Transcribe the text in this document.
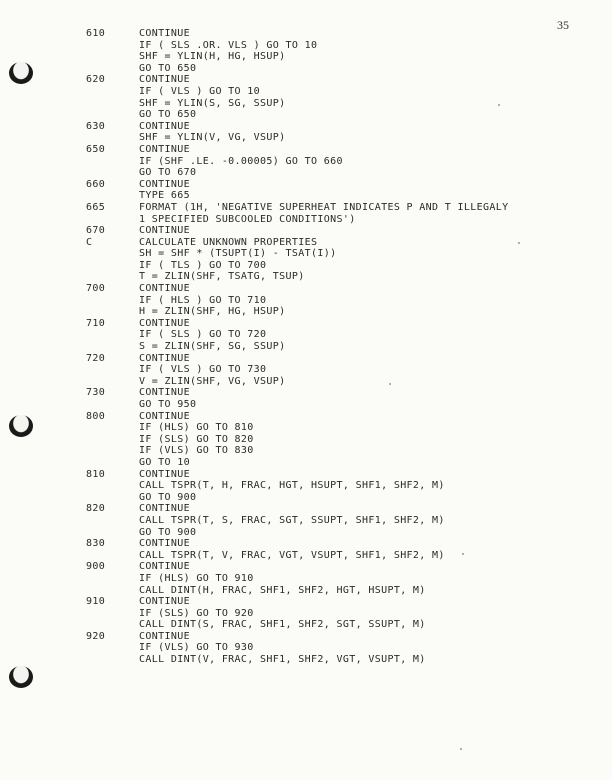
35
610	CONTINUE
IF ( SLS .OR. VLS ) GO TO 10
SHF = YLIN(H, HG, HSUP)
GO TO 650
620	CONTINUE
IF ( VLS ) GO TO 10
SHF = YLIN(S, SG, SSUP)
GO TO 650
630	CONTINUE
SHF = YLIN(V, VG, VSUP)
650	CONTINUE
IF (SHF .LE. -0.00005) GO TO 660
GO TO 670
660	CONTINUE
TYPE 665
665	FORMAT (1H, 'NEGATIVE SUPERHEAT INDICATES P AND T ILLEGALY
1 SPECIFIED SUBCOOLED CONDITIONS')
670	CONTINUE
C	CALCULATE UNKNOWN PROPERTIES
SH = SHF * (TSUPT(I) - TSAT(I))
IF ( TLS ) GO TO 700
T = ZLIN(SHF, TSATG, TSUP)
700	CONTINUE
IF ( HLS ) GO TO 710
H = ZLIN(SHF, HG, HSUP)
710	CONTINUE
IF ( SLS ) GO TO 720
S = ZLIN(SHF, SG, SSUP)
720	CONTINUE
IF ( VLS ) GO TO 730
V = ZLIN(SHF, VG, VSUP)
730	CONTINUE
GO TO 950
800	CONTINUE
IF (HLS) GO TO 810
IF (SLS) GO TO 820
IF (VLS) GO TO 830
GO TO 10
810	CONTINUE
CALL TSPR(T, H, FRAC, HGT, HSUPT, SHF1, SHF2, M)
GO TO 900
820	CONTINUE
CALL TSPR(T, S, FRAC, SGT, SSUPT, SHF1, SHF2, M)
GO TO 900
830	CONTINUE
CALL TSPR(T, V, FRAC, VGT, VSUPT, SHF1, SHF2, M)
900	CONTINUE
IF (HLS) GO TO 910
CALL DINT(H, FRAC, SHF1, SHF2, HGT, HSUPT, M)
910	CONTINUE
IF (SLS) GO TO 920
CALL DINT(S, FRAC, SHF1, SHF2, SGT, SSUPT, M)
920	CONTINUE
IF (VLS) GO TO 930
CALL DINT(V, FRAC, SHF1, SHF2, VGT, VSUPT, M)
